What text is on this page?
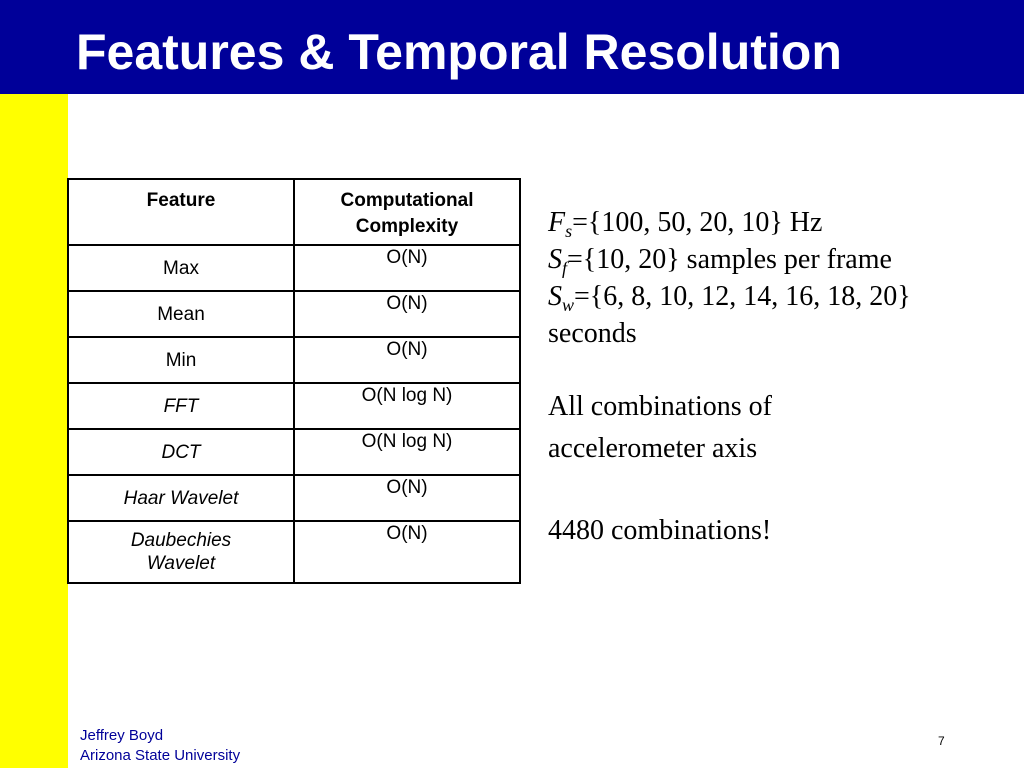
Features & Temporal Resolution
Feature	Computational Complexity
Max	O(N)
Mean	O(N)
Min	O(N)
FFT	O(N log N)
DCT	O(N log N)
Haar Wavelet	O(N)
Daubechies Wavelet	O(N)
$F_s=\{100$, 50, 20, 10} Hz
$S_f=\{10$, 20} samples per frame
$S_w=\{6$, 8, 10, 12, 14, 16, 18, 20}
seconds
All combinations of
accelerometer axis
4480 combinations!
Jeffrey Boyd
Arizona State University
7
